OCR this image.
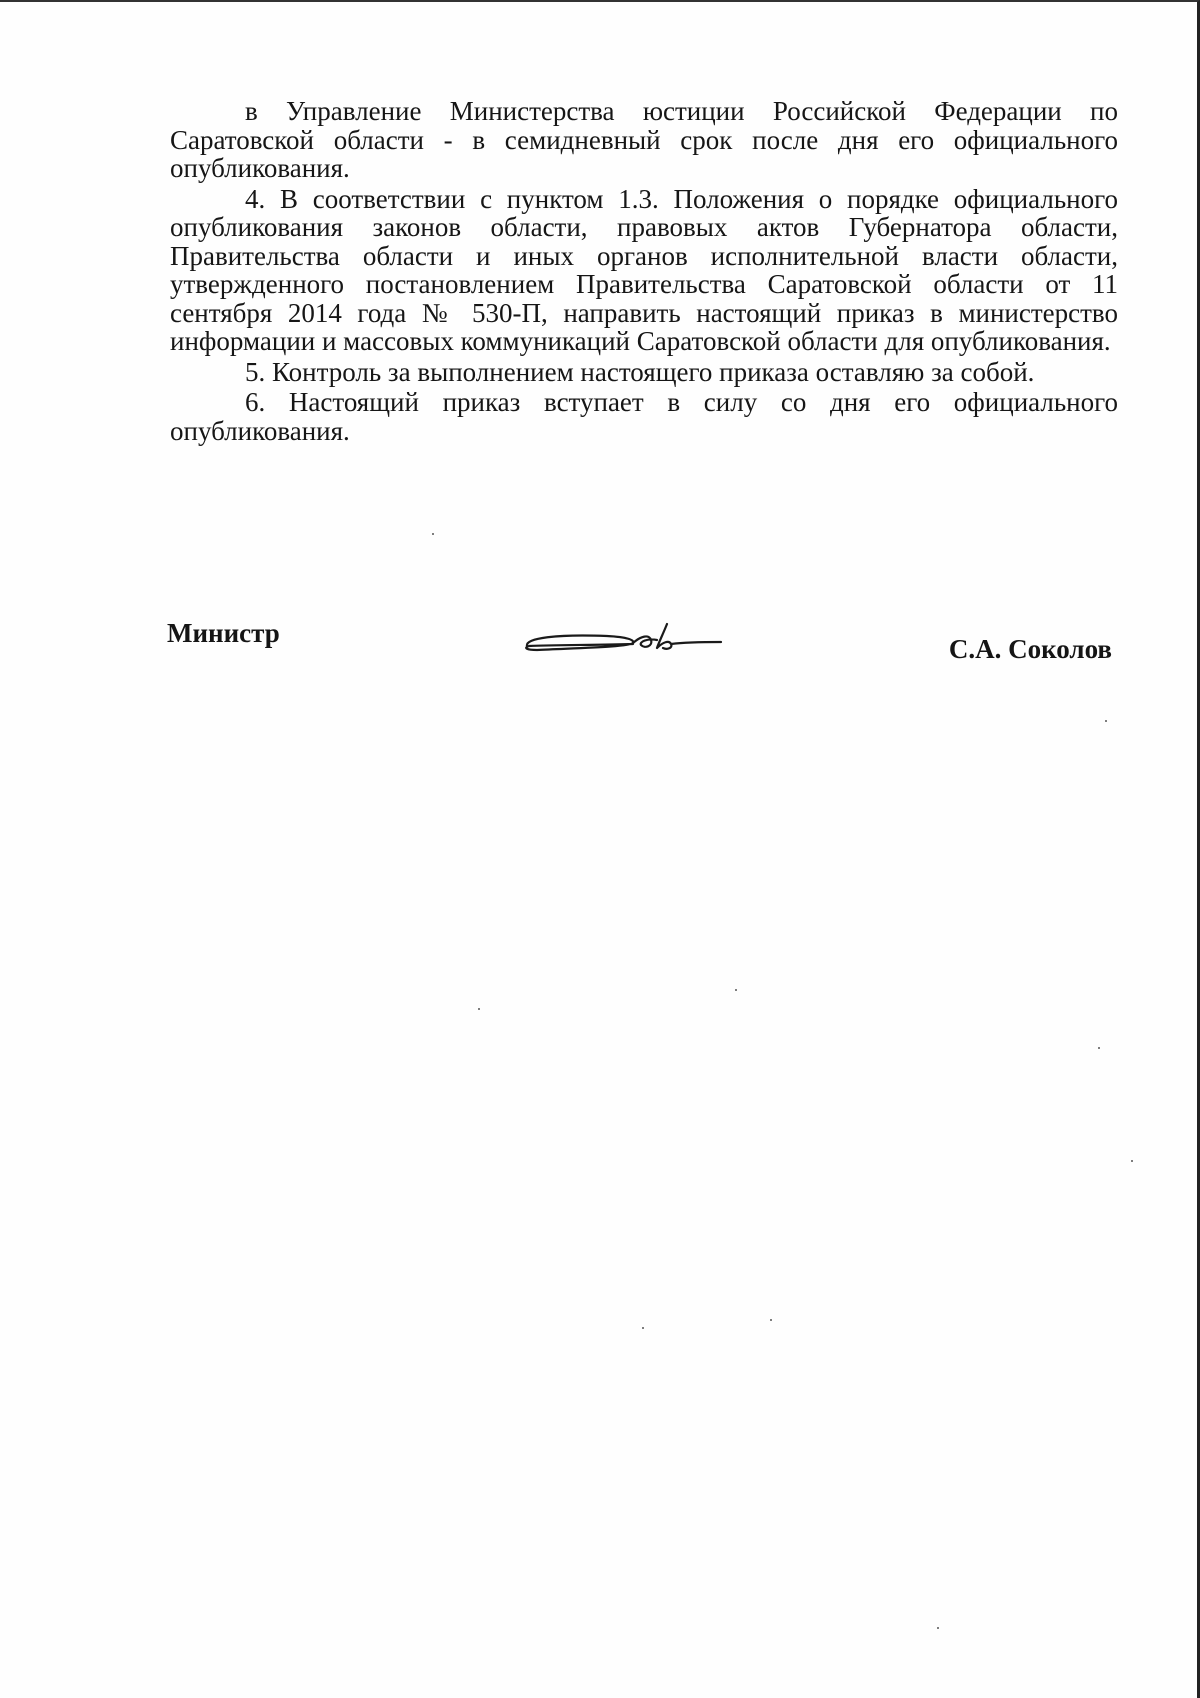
в Управление Министерства юстиции Российской Федерации по Саратовской области - в семидневный срок после дня его официального опубликования.

4. В соответствии с пунктом 1.3. Положения о порядке официального опубликования законов области, правовых актов Губернатора области, Правительства области и иных органов исполнительной власти области, утвержденного постановлением Правительства Саратовской области от 11 сентября 2014 года № 530-П, направить настоящий приказ в министерство информации и массовых коммуникаций Саратовской области для опубликования.

5. Контроль за выполнением настоящего приказа оставляю за собой.

6. Настоящий приказ вступает в силу со дня его официального опубликования.

Министр
С.А. Соколов
